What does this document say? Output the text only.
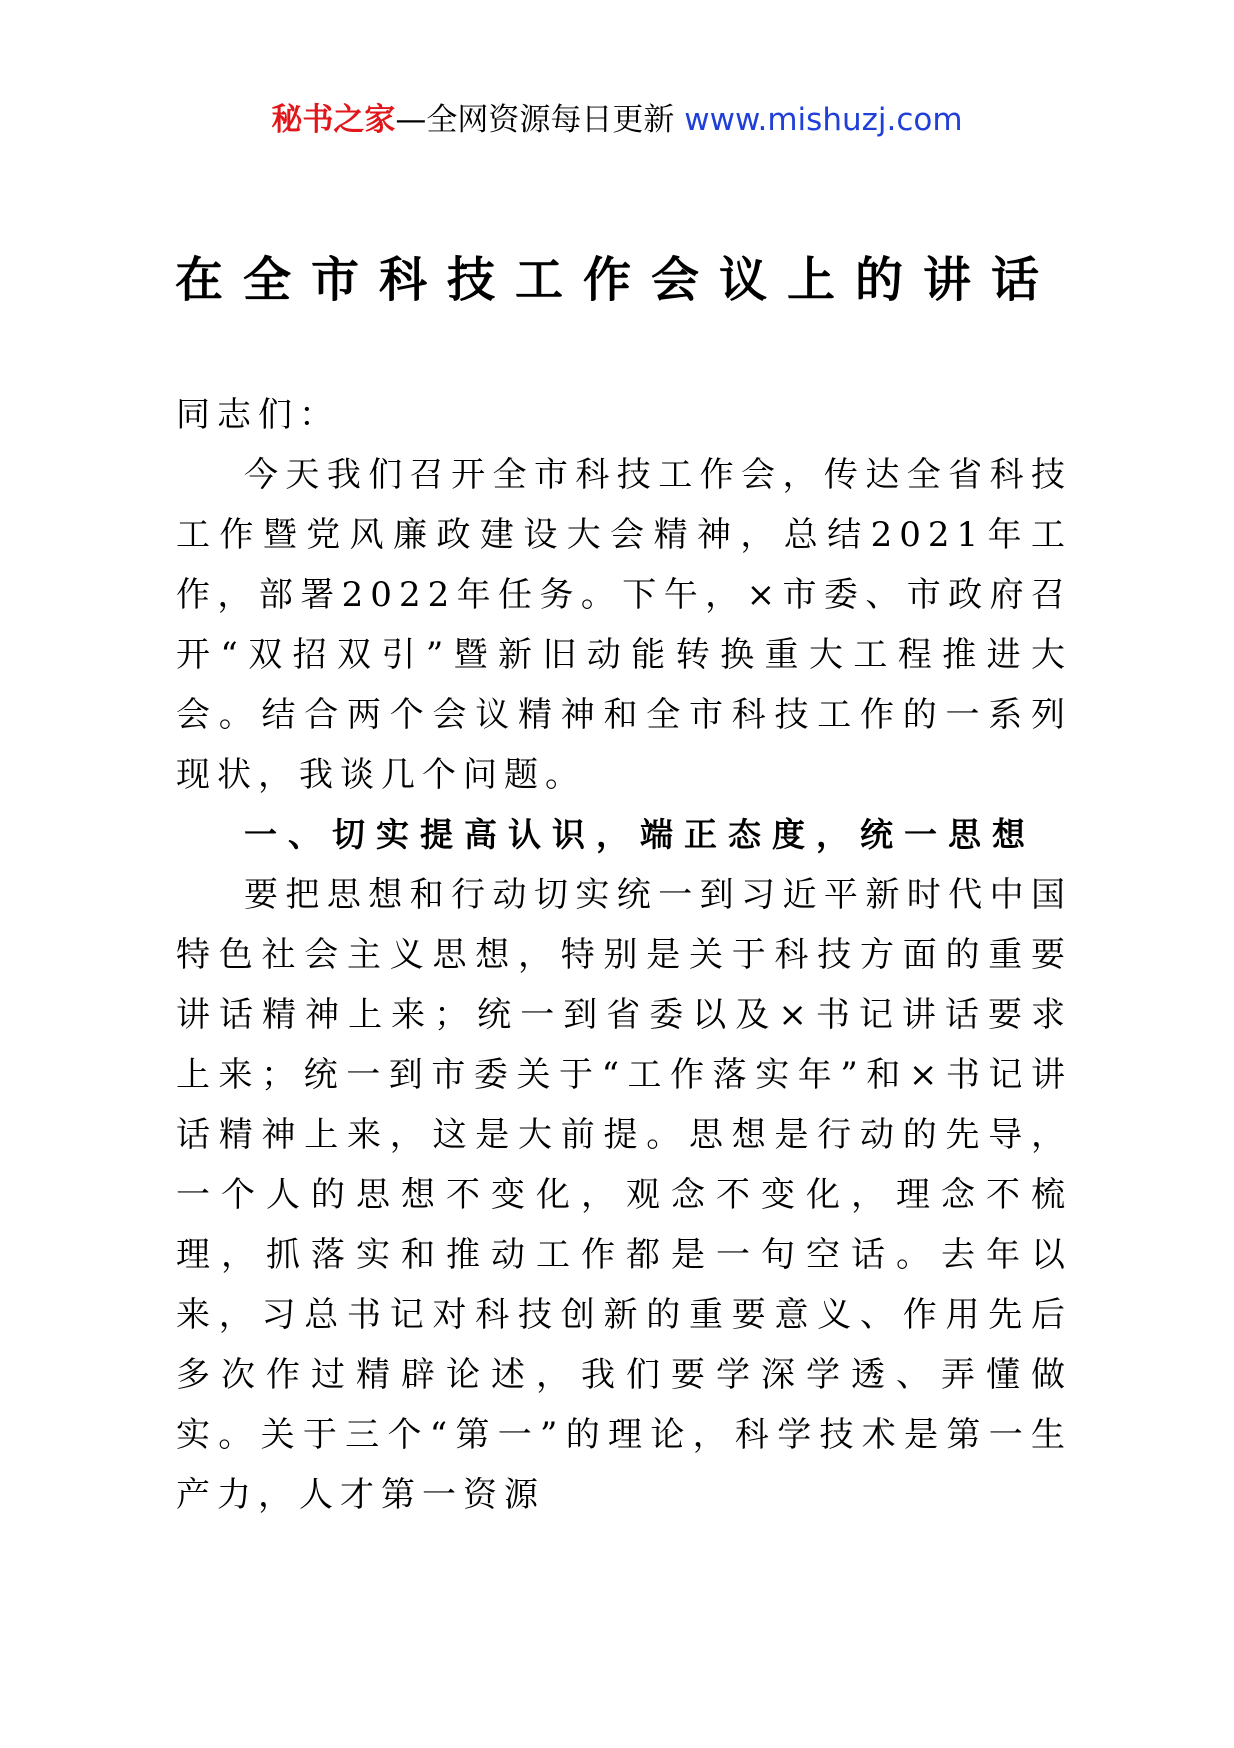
秘书之家—全网资源每日更新 www.mishuzj.com
在全市科技工作会议上的讲话

同志们：

今天我们召开全市科技工作会，传达全省科技工作暨党风廉政建设大会精神，总结2021年工作，部署2022年任务。下午，×市委、市政府召开“双招双引”暨新旧动能转换重大工程推进大会。结合两个会议精神和全市科技工作的一系列现状，我谈几个问题。

一、切实提高认识，端正态度，统一思想

要把思想和行动切实统一到习近平新时代中国特色社会主义思想，特别是关于科技方面的重要讲话精神上来；统一到省委以及×书记讲话要求上来；统一到市委关于“工作落实年”和×书记讲话精神上来，这是大前提。思想是行动的先导，一个人的思想不变化，观念不变化，理念不梳理，抓落实和推动工作都是一句空话。去年以来，习总书记对科技创新的重要意义、作用先后多次作过精辟论述，我们要学深学透、弄懂做实。关于三个“第一”的理论，科学技术是第一生产力，人才第一资源
